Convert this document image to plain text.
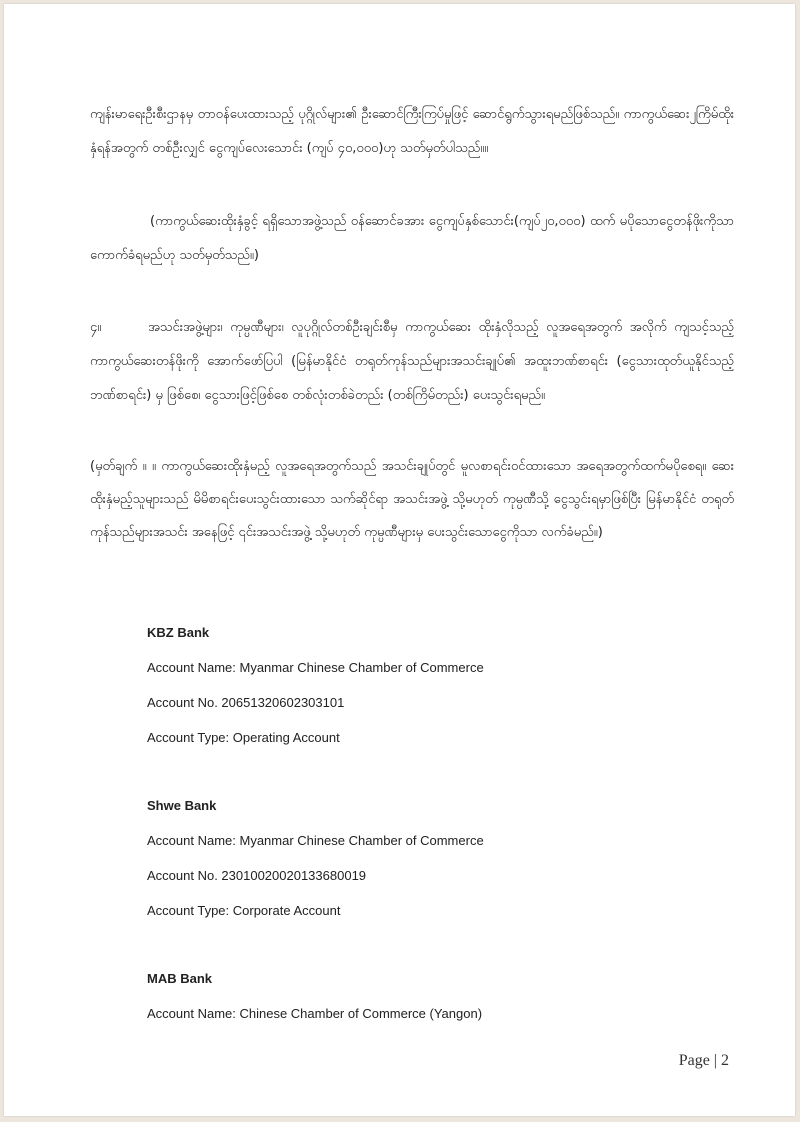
ကျန်းမာရေးဦးစီးဌာနမှ တာဝန်ပေးထားသည့် ပုဂ္ဂိုလ်များ၏ ဦးဆောင်ကြီးကြပ်မှုဖြင့် ဆောင်ရွက်သွားရမည်ဖြစ်သည်။ ကာကွယ်ဆေး၂ကြိမ်ထိုးနှံရန်အတွက် တစ်ဦးလျှင် ငွေကျပ်လေးသောင်း (ကျပ် ၄၀,၀၀၀)ဟု သတ်မှတ်ပါသည်။။
(ကာကွယ်ဆေးထိုးနှံခွင့် ရရှိသောအဖွဲ့သည် ဝန်ဆောင်ခအား ငွေကျပ်နှစ်သောင်း(ကျပ်၂၀,၀၀၀) ထက် မပိုသောငွေတန်ဖိုးကိုသာ ကောက်ခံရမည်ဟု သတ်မှတ်သည်။)
၄။	အသင်းအဖွဲ့များ၊ ကုမ္ပဏီများ၊ လူပုဂ္ဂိုလ်တစ်ဦးချင်းစီမှ ကာကွယ်ဆေး ထိုးနှံလိုသည့် လူအရေအတွက် အလိုက် ကျသင့်သည့် ကာကွယ်ဆေးတန်ဖိုးကို အောက်ဖော်ပြပါ (မြန်မာနိုင်ငံ တရုတ်ကုန်သည်များအသင်းချုပ်၏ အထူးဘဏ်စာရင်း (ငွေသားထုတ်ယူနိုင်သည့် ဘဏ်စာရင်း) မှ ဖြစ်စေ၊ ငွေသားဖြင့်ဖြစ်စေ တစ်လုံးတစ်ခဲတည်း (တစ်ကြိမ်တည်း) ပေးသွင်းရမည်။
(မှတ်ချက် ။ ။ ကာကွယ်ဆေးထိုးနှံမည့် လူအရေအတွက်သည် အသင်းချုပ်တွင် မူလစာရင်းဝင်ထားသော အရေအတွက်ထက်မပိုစေရ။ ဆေးထိုးနှံမည့်သူများသည် မိမိစာရင်းပေးသွင်းထားသော သက်ဆိုင်ရာ အသင်းအဖွဲ့ သို့မဟုတ် ကုမ္ပဏီသို့ ငွေသွင်းရမှာဖြစ်ပြီး မြန်မာနိုင်ငံ တရုတ်ကုန်သည်များအသင်း အနေဖြင့် ၎င်းအသင်းအဖွဲ့ သို့မဟုတ် ကုမ္ပဏီများမှ ပေးသွင်းသောငွေကိုသာ လက်ခံမည်။)
KBZ Bank
Account Name: Myanmar Chinese Chamber of Commerce
Account No. 20651320602303101
Account Type: Operating Account
Shwe Bank
Account Name: Myanmar Chinese Chamber of Commerce
Account No. 23010020020133680019
Account Type: Corporate Account
MAB Bank
Account Name: Chinese Chamber of Commerce (Yangon)
Page | 2
